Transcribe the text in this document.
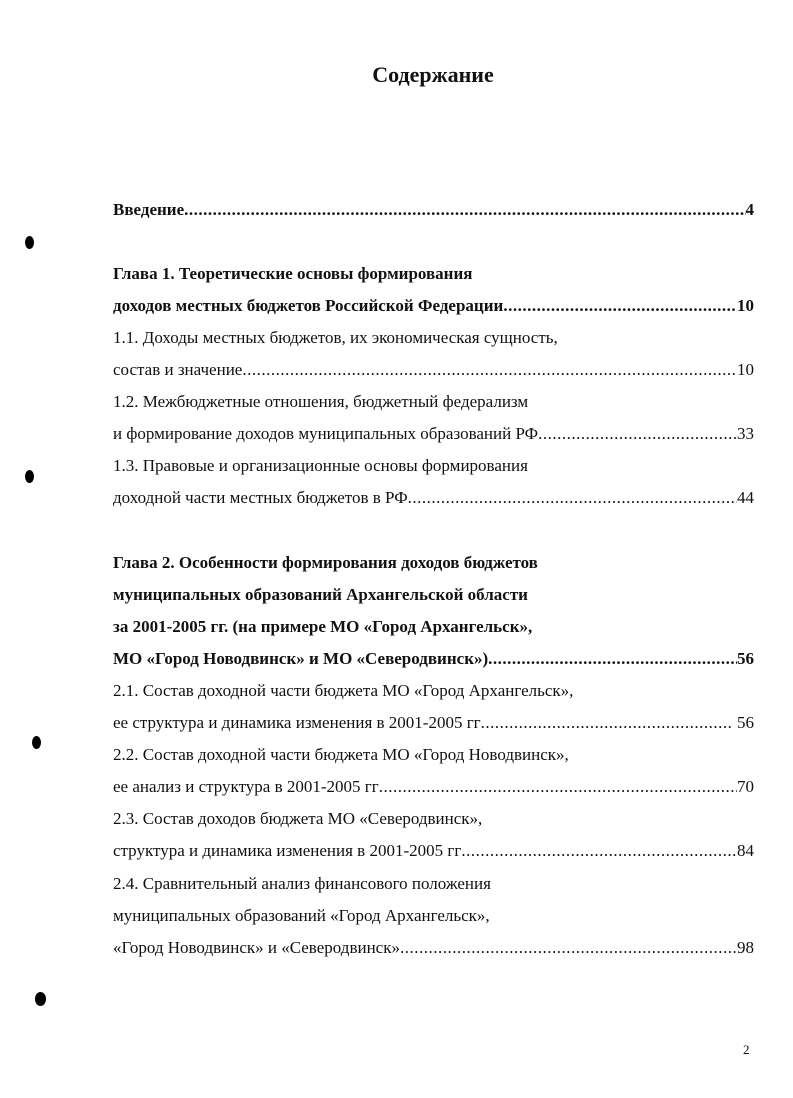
Содержание
Введение .....	4
Глава 1. Теоретические основы формирования
доходов местных бюджетов Российской Федерации .....	10
1.1. Доходы местных бюджетов, их экономическая сущность,
состав и значение .....	10
1.2. Межбюджетные отношения, бюджетный федерализм
и формирование доходов муниципальных образований РФ .....	33
1.3. Правовые и организационные основы формирования
доходной части местных бюджетов в РФ .....	44
Глава 2. Особенности формирования доходов бюджетов
муниципальных образований Архангельской области
за 2001-2005 гг. (на примере МО «Город Архангельск»,
МО «Город Новодвинск» и МО «Северодвинск») .....	56
2.1. Состав доходной части бюджета МО «Город Архангельск»,
ее структура и динамика изменения в 2001-2005 гг .....	56
2.2. Состав доходной части бюджета МО «Город Новодвинск»,
ее анализ и структура в 2001-2005 гг .....	70
2.3. Состав доходов бюджета МО «Северодвинск»,
структура и динамика изменения в 2001-2005 гг .....	84
2.4. Сравнительный анализ финансового положения
муниципальных образований «Город Архангельск»,
«Город Новодвинск» и «Северодвинск» .....	98
2
